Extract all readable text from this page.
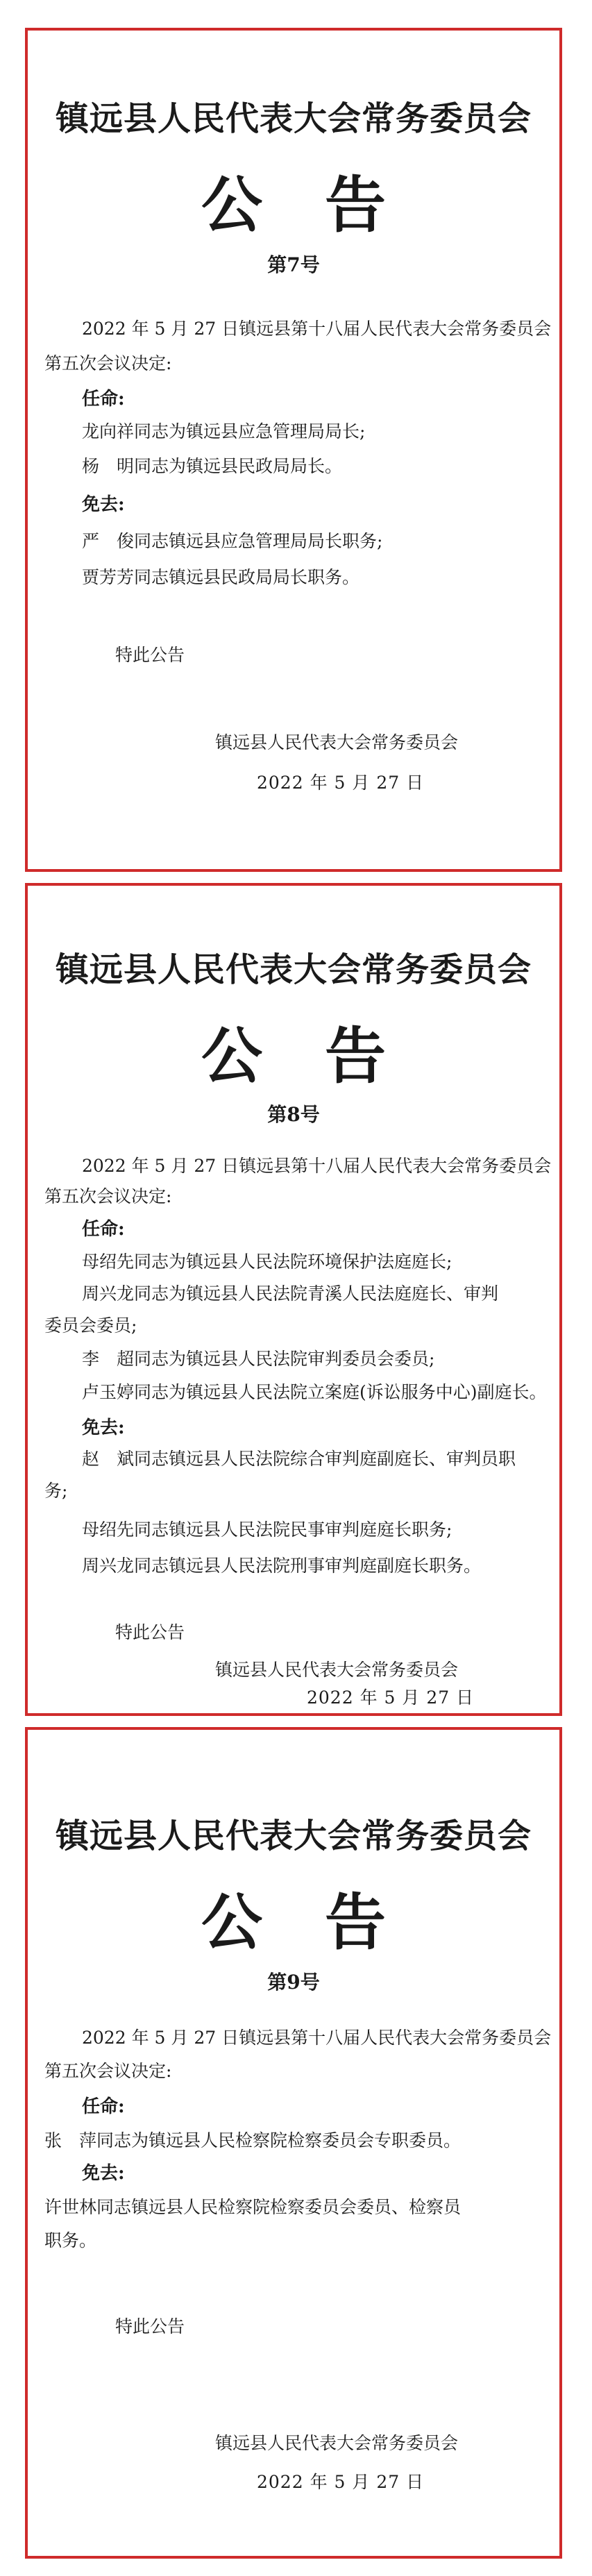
镇远县人民代表大会常务委员会
公告

第7号

2022 年 5 月 27 日镇远县第十八届人民代表大会常务委员会

第五次会议决定:

任命:

龙向祥同志为镇远县应急管理局局长;

杨　明同志为镇远县民政局局长。

免去:

严　俊同志镇远县应急管理局局长职务;

贾芳芳同志镇远县民政局局长职务。

特此公告

镇远县人民代表大会常务委员会

2022 年 5 月 27 日

镇远县人民代表大会常务委员会
公告

第8号

2022 年 5 月 27 日镇远县第十八届人民代表大会常务委员会

第五次会议决定:

任命:

母绍先同志为镇远县人民法院环境保护法庭庭长;

周兴龙同志为镇远县人民法院青溪人民法庭庭长、审判

委员会委员;

李　超同志为镇远县人民法院审判委员会委员;

卢玉婷同志为镇远县人民法院立案庭(诉讼服务中心)副庭长。

免去:

赵　斌同志镇远县人民法院综合审判庭副庭长、审判员职

务;

母绍先同志镇远县人民法院民事审判庭庭长职务;

周兴龙同志镇远县人民法院刑事审判庭副庭长职务。

特此公告

镇远县人民代表大会常务委员会

2022 年 5 月 27 日

镇远县人民代表大会常务委员会
公告

第9号

2022 年 5 月 27 日镇远县第十八届人民代表大会常务委员会

第五次会议决定:

任命:

张　萍同志为镇远县人民检察院检察委员会专职委员。

免去:

许世林同志镇远县人民检察院检察委员会委员、检察员

职务。

特此公告

镇远县人民代表大会常务委员会

2022 年 5 月 27 日
